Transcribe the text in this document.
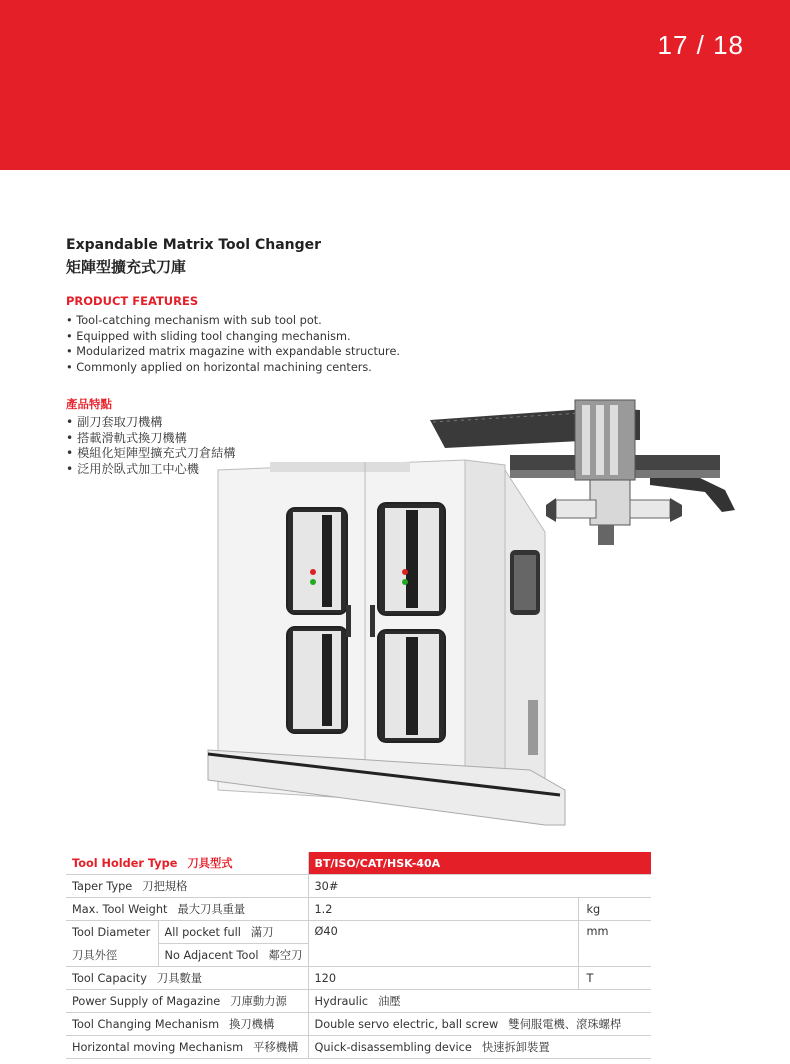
17 / 18
Expandable Matrix Tool Changer
矩陣型擴充式刀庫
PRODUCT FEATURES
• Tool-catching mechanism with sub tool pot.
• Equipped with sliding tool changing mechanism.
• Modularized matrix magazine with expandable structure.
• Commonly applied on horizontal machining centers.
產品特點
• 副刀套取刀機構
• 搭載滑軌式換刀機構
• 模組化矩陣型擴充式刀倉結構
• 泛用於臥式加工中心機
Tool Holder Type 刀具型式		BT/ISO/CAT/HSK-40A	
Taper Type 刀把規格		30#	
Max. Tool Weight 最大刀具重量		1.2	kg
Tool Diameter	All pocket full 滿刀	Ø40	mm
刀具外徑	No Adjacent Tool 鄰空刀		
Tool Capacity 刀具數量		120	T
Power Supply of Magazine 刀庫動力源		Hydraulic 油壓	
Tool Changing Mechanism 換刀機構		Double servo electric, ball screw 雙伺服電機、滾珠螺桿	
Horizontal moving Mechanism 平移機構		Quick-disassembling device 快速拆卸裝置	
